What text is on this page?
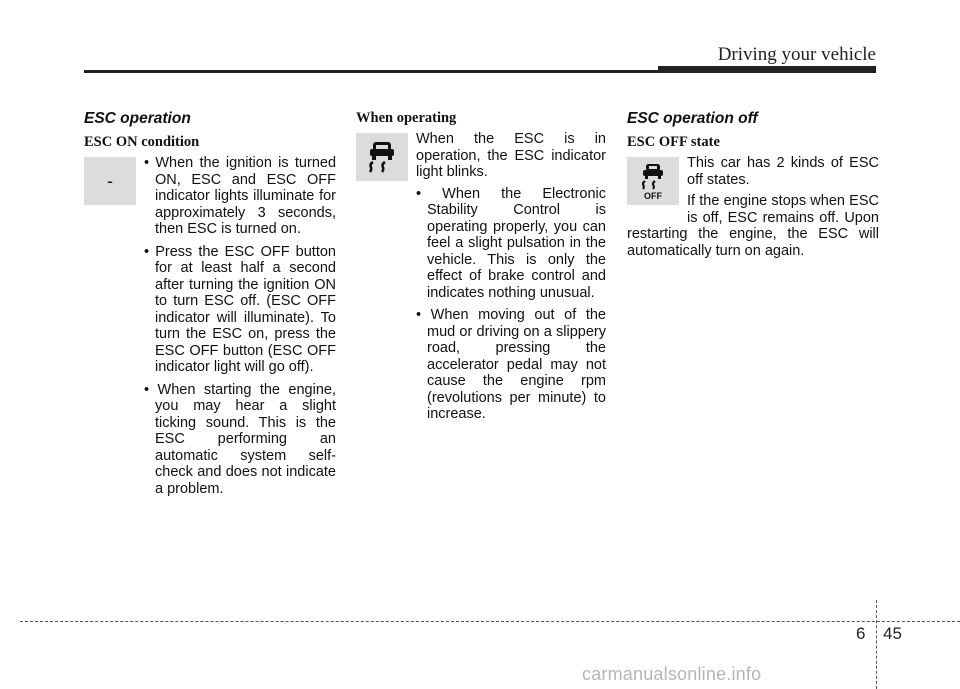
Driving your vehicle
ESC operation
ESC ON condition
-
• When the ignition is turned ON, ESC and ESC OFF indicator lights illuminate for approximately 3 seconds, then ESC is turned on.
• Press the ESC OFF button for at least half a second after turning the ignition ON to turn ESC off. (ESC OFF indicator will illuminate). To turn the ESC on, press the ESC OFF button (ESC OFF indicator light will go off).
• When starting the engine, you may hear a slight ticking sound. This is the ESC performing an automatic system self-check and does not indicate a problem.
When operating
When the ESC is in operation, the ESC indicator light blinks.
• When the Electronic Stability Control is operating properly, you can feel a slight pulsation in the vehicle. This is only the effect of brake control and indicates nothing unusual.
• When moving out of the mud or driving on a slippery road, pressing the accelerator pedal may not cause the engine rpm (revolutions per minute) to increase.
ESC operation off
ESC OFF state
OFF
This car has 2 kinds of ESC off states.
If the engine stops when ESC is off, ESC remains off. Upon restarting the engine, the ESC will automatically turn on again.
6 45
carmanualsonline.info
